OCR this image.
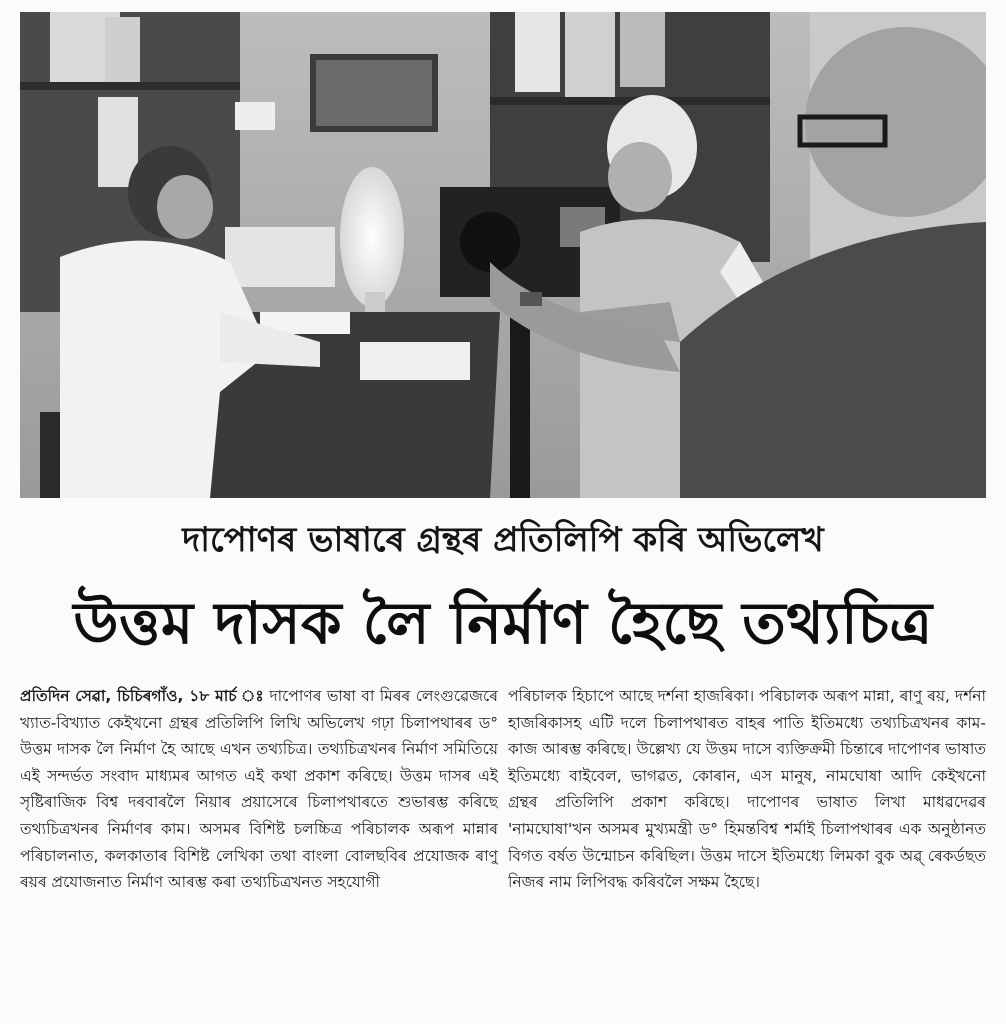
দাপোণৰ ভাষাৰে গ্ৰন্থৰ প্ৰতিলিপি কৰি অভিলেখ
উত্তম দাসক লৈ নিৰ্মাণ হৈছে তথ্যচিত্ৰ

প্ৰতিদিন সেৱা, চিচিৰগাঁও, ১৮ মাৰ্চ ঃ দাপোণৰ ভাষা বা মিৰৰ লেংগুৱেজৰে খ্যাত-বিখ্যাত কেইখনো গ্ৰন্থৰ প্ৰতিলিপি লিখি অভিলেখ গঢ়া চিলাপথাৰৰ ড° উত্তম দাসক লৈ নিৰ্মাণ হৈ আছে এখন তথ্যচিত্ৰ। তথ্যচিত্ৰখনৰ নিৰ্মাণ সমিতিয়ে এই সন্দৰ্ভত সংবাদ মাধ্যমৰ আগত এই কথা প্ৰকাশ কৰিছে। উত্তম দাসৰ এই সৃষ্টিৰাজিক বিশ্ব দৰবাৰলৈ নিয়াৰ প্ৰয়াসেৰে চিলাপথাৰতে শুভাৰম্ভ কৰিছে তথ্যচিত্ৰখনৰ নিৰ্মাণৰ কাম। অসমৰ বিশিষ্ট চলচ্চিত্ৰ পৰিচালক অৰূপ মান্নাৰ পৰিচালনাত, কলকাতাৰ বিশিষ্ট লেখিকা তথা বাংলা বোলছবিৰ প্ৰযোজক ৰাণু ৰয়ৰ প্ৰযোজনাত নিৰ্মাণ আৰম্ভ কৰা তথ্যচিত্ৰখনত সহযোগী

পৰিচালক হিচাপে আছে দৰ্শনা হাজৰিকা। পৰিচালক অৰূপ মান্না, ৰাণু ৰয়, দৰ্শনা হাজৰিকাসহ এটি দলে চিলাপথাৰত বাহৰ পাতি ইতিমধ্যে তথ্যচিত্ৰখনৰ কাম-কাজ আৰম্ভ কৰিছে। উল্লেখ্য যে উত্তম দাসে ব্যক্তিক্ৰমী চিন্তাৰে দাপোণৰ ভাষাত ইতিমধ্যে বাইবেল, ভাগৱত, কোৰান, এস মানুষ, নামঘোষা আদি কেইখনো গ্ৰন্থৰ প্ৰতিলিপি প্ৰকাশ কৰিছে। দাপোণৰ ভাষাত লিখা মাধৱদেৱৰ 'নামঘোষা'খন অসমৰ মুখ্যমন্ত্ৰী ড° হিমন্তবিশ্ব শৰ্মাই চিলাপথাৰৰ এক অনুষ্ঠানত বিগত বৰ্ষত উন্মোচন কৰিছিল। উত্তম দাসে ইতিমধ্যে লিমকা বুক অৱ্ ৰেকৰ্ডছত নিজৰ নাম লিপিবদ্ধ কৰিবলৈ সক্ষম হৈছে।
